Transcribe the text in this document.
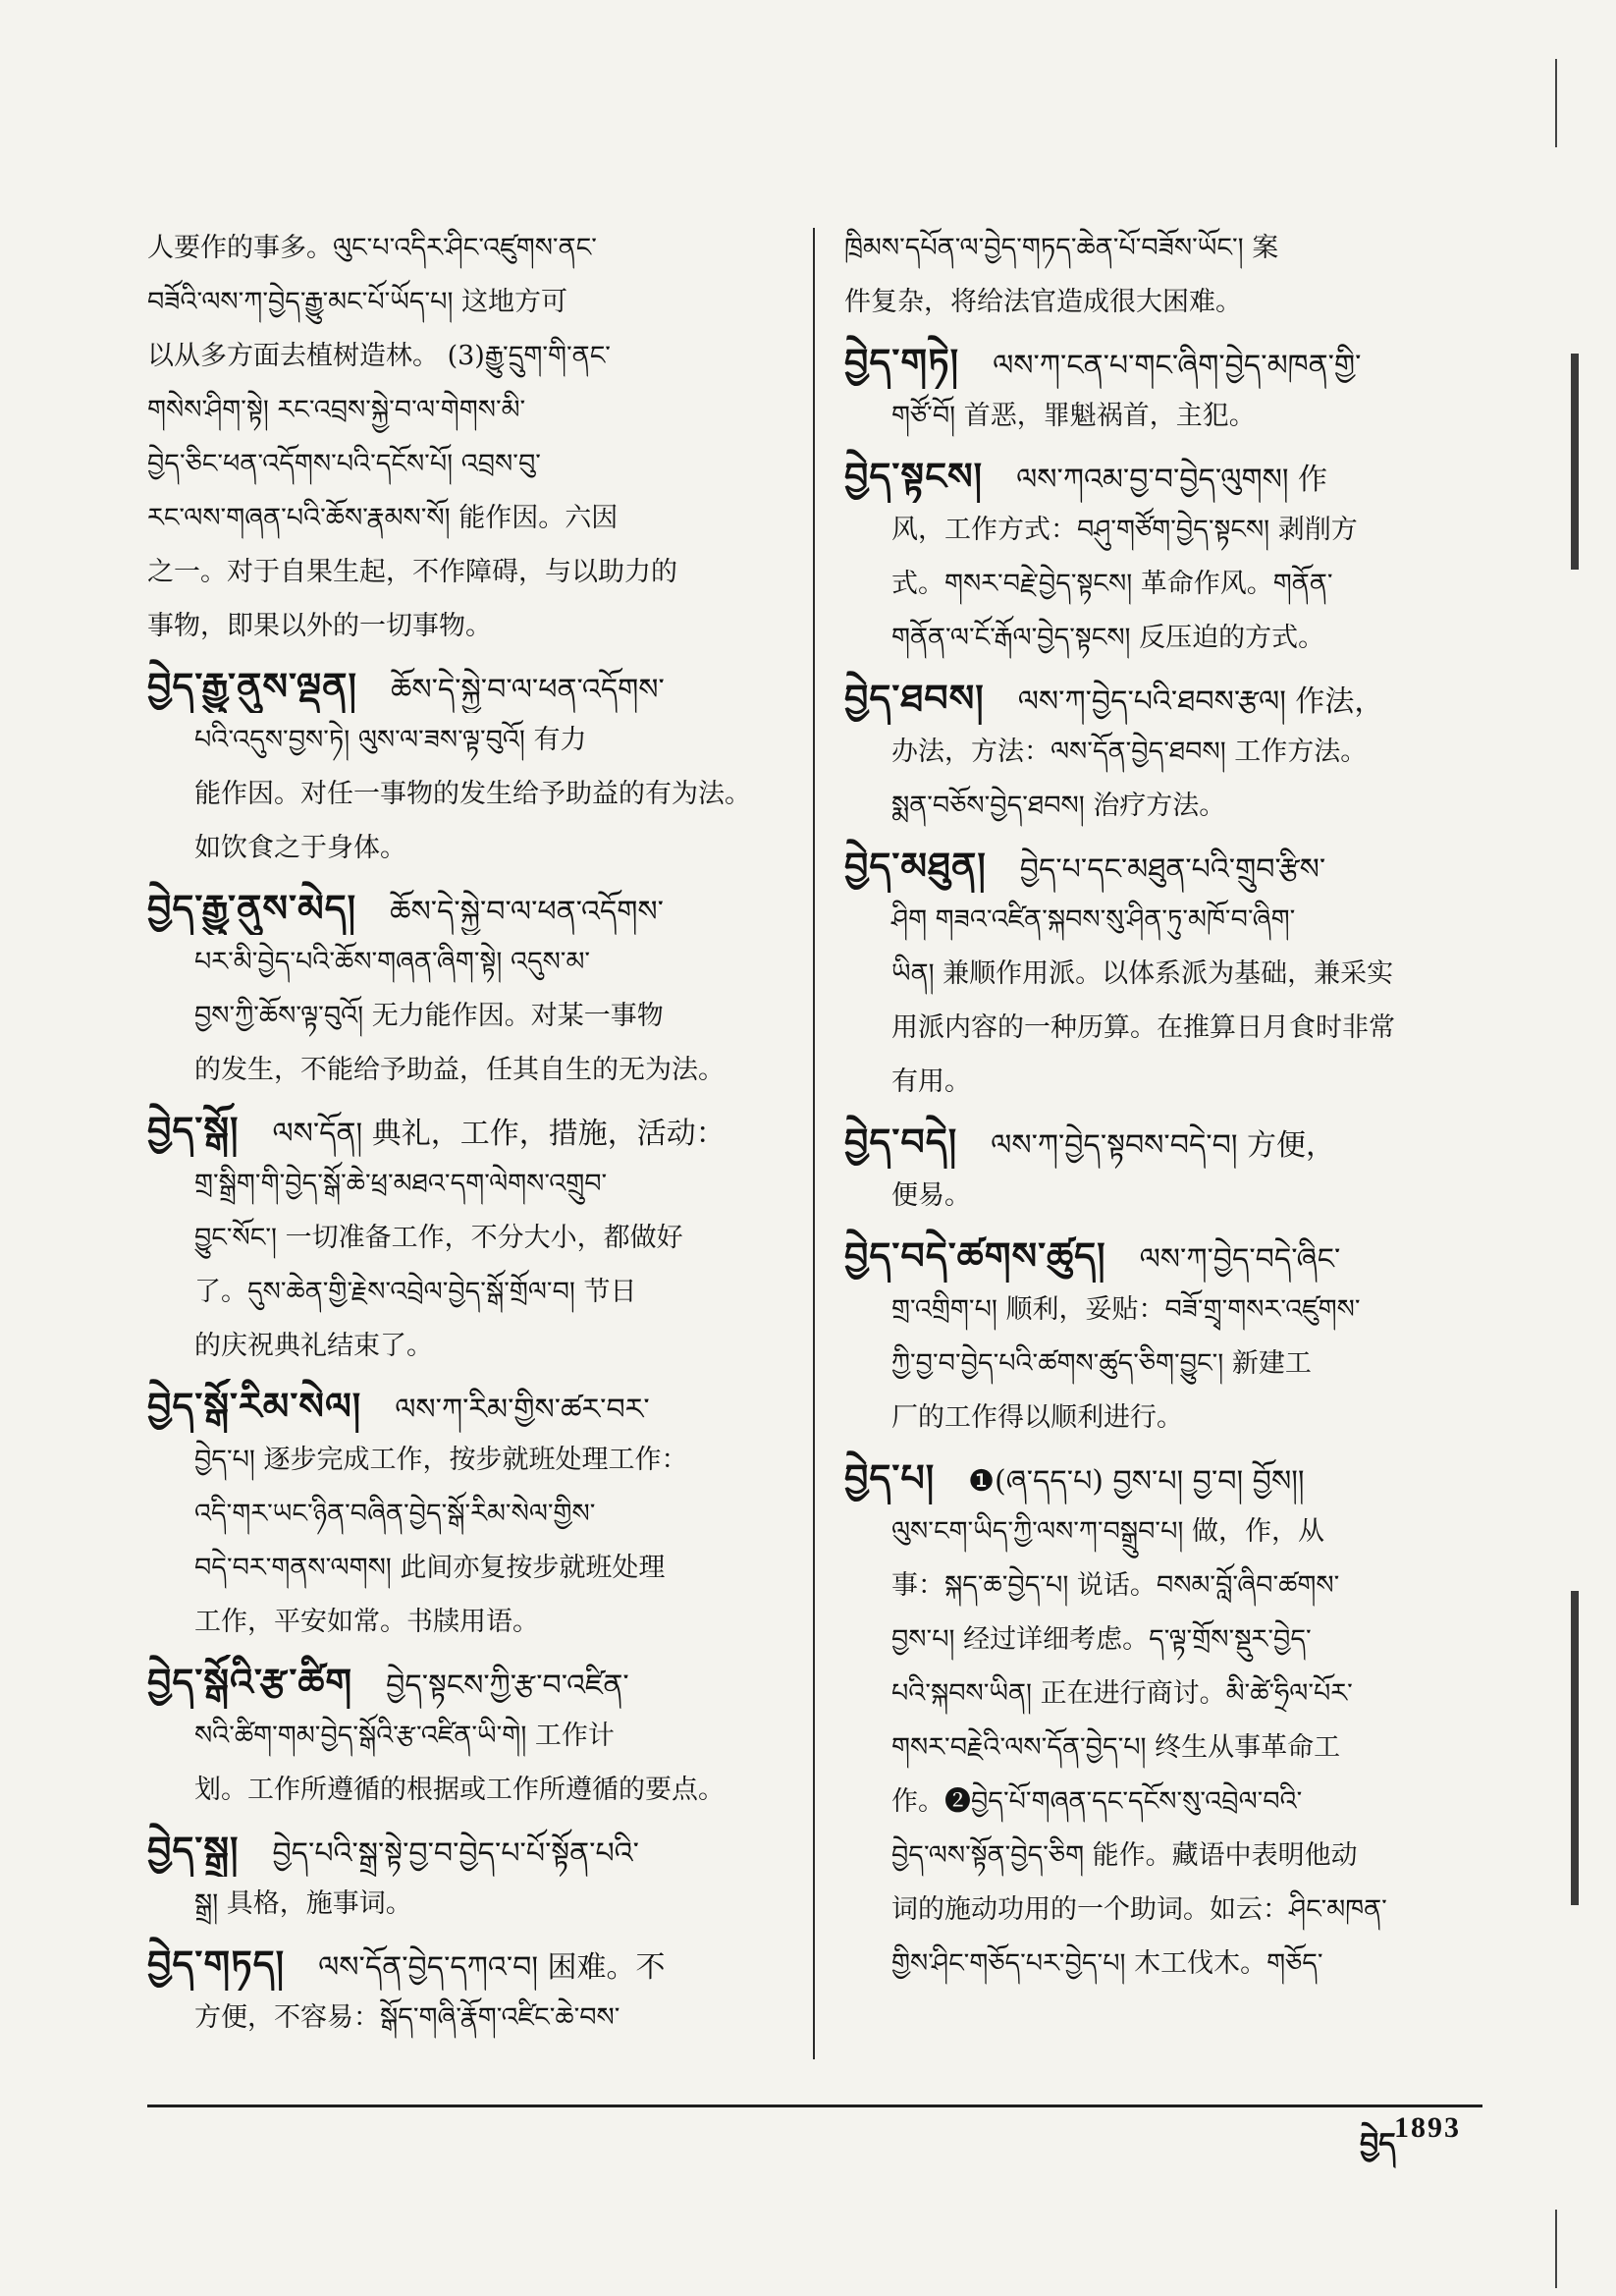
人要作的事多。ལུང་པ་འདིར་ཤིང་འཛུགས་ནང་
བཟོའི་ལས་ཀ་བྱེད་རྒྱུ་མང་པོ་ཡོད་པ། 这地方可
以从多方面去植树造林。 (3)རྒྱུ་དྲུག་གི་ནང་
གསེས་ཤིག་སྟེ། རང་འབྲས་སྐྱེ་བ་ལ་གེགས་མི་
བྱེད་ཅིང་ཕན་འདོགས་པའི་དངོས་པོ། འབྲས་བུ་
རང་ལས་གཞན་པའི་ཆོས་རྣམས་སོ། 能作因。六因
之一。对于自果生起，不作障碍，与以助力的
事物，即果以外的一切事物。
བྱེད་རྒྱུ་ནུས་ལྡན། ཆོས་དེ་སྐྱེ་བ་ལ་ཕན་འདོགས་
པའི་འདུས་བྱས་ཏེ། ལུས་ལ་ཟས་ལྟ་བུའོ། 有力
能作因。对任一事物的发生给予助益的有为法。
如饮食之于身体。
བྱེད་རྒྱུ་ནུས་མེད། ཆོས་དེ་སྐྱེ་བ་ལ་ཕན་འདོགས་
པར་མི་བྱེད་པའི་ཆོས་གཞན་ཞིག་སྟེ། འདུས་མ་
བྱས་ཀྱི་ཆོས་ལྟ་བུའོ། 无力能作因。对某一事物
的发生，不能给予助益，任其自生的无为法。
བྱེད་སྒོ། ལས་དོན། 典礼，工作，措施，活动：
གྲ་སྒྲིག་གི་བྱེད་སྒོ་ཆེ་ཕྲ་མཐའ་དག་ལེགས་འགྲུབ་
བྱུང་སོང་། 一切准备工作，不分大小，都做好
了。དུས་ཆེན་གྱི་རྗེས་འབྲེལ་བྱེད་སྒོ་གྲོལ་བ། 节日
的庆祝典礼结束了。
བྱེད་སྒོ་རིམ་སེལ། ལས་ཀ་རིམ་གྱིས་ཚར་བར་
བྱེད་པ། 逐步完成工作，按步就班处理工作：
འདི་གར་ཡང་ཉིན་བཞིན་བྱེད་སྒོ་རིམ་སེལ་གྱིས་
བདེ་བར་གནས་ལགས། 此间亦复按步就班处理
工作，平安如常。书牍用语。
བྱེད་སྒོའི་རྩ་ཚིག བྱེད་སྟངས་ཀྱི་རྩ་བ་འཛིན་
སའི་ཚིག་གམ་བྱེད་སྒོའི་རྩ་འཛིན་ཡི་གེ། 工作计
划。工作所遵循的根据或工作所遵循的要点。
བྱེད་སྒྲ། བྱེད་པའི་སྒྲ་སྟེ་བྱ་བ་བྱེད་པ་པོ་སྟོན་པའི་
སྒྲ། 具格，施事词。
བྱེད་གཏད། ལས་དོན་བྱེད་དཀའ་བ། 困难。不
方便，不容易：སྒོད་གཞི་རྣོག་འཛིང་ཆེ་བས་
ཁྲིམས་དཔོན་ལ་བྱེད་གཏད་ཆེན་པོ་བཟོས་ཡོང་། 案
件复杂，将给法官造成很大困难。
བྱེད་གཏེ། ལས་ཀ་ངན་པ་གང་ཞིག་བྱེད་མཁན་གྱི་
གཙོ་བོ། 首恶，罪魁祸首，主犯。
བྱེད་སྟངས། ལས་ཀའམ་བྱ་བ་བྱེད་ལུགས། 作
风，工作方式：བཤུ་གཙོག་བྱེད་སྟངས། 剥削方
式。གསར་བརྗེ་བྱེད་སྟངས། 革命作风。གནོན་
གནོན་ལ་ངོ་རྒོལ་བྱེད་སྟངས། 反压迫的方式。
བྱེད་ཐབས། ལས་ཀ་བྱེད་པའི་ཐབས་རྩལ། 作法，
办法，方法：ལས་དོན་བྱེད་ཐབས། 工作方法。
སྨན་བཅོས་བྱེད་ཐབས། 治疗方法。
བྱེད་མཐུན། བྱེད་པ་དང་མཐུན་པའི་གྲུབ་རྩིས་
ཤིག གཟའ་འཛིན་སྐབས་སུ་ཤིན་ཏུ་མཁོ་བ་ཞིག་
ཡིན། 兼顺作用派。以体系派为基础，兼采实
用派内容的一种历算。在推算日月食时非常
有用。
བྱེད་བདེ། ལས་ཀ་བྱེད་སྟབས་བདེ་བ། 方便，
便易。
བྱེད་བདེ་ཚགས་ཚུད། ལས་ཀ་བྱེད་བདེ་ཞིང་
གྲ་འགྲིག་པ། 顺利，妥贴：བཟོ་གྲྭ་གསར་འཛུགས་
ཀྱི་བྱ་བ་བྱེད་པའི་ཚགས་ཚུད་ཅིག་བྱུང་། 新建工
厂的工作得以顺利进行。
བྱེད་པ། ❶(ཞ་དད་པ) བྱས་པ། བྱ་བ། བྱོས།།
ལུས་ངག་ཡིད་ཀྱི་ལས་ཀ་བསྒྲུབ་པ། 做，作，从
事：སྐད་ཆ་བྱེད་པ། 说话。བསམ་བློ་ཞིབ་ཚགས་
བྱས་པ། 经过详细考虑。ད་ལྟ་གྲོས་སྡུར་བྱེད་
པའི་སྐབས་ཡིན། 正在进行商讨。མི་ཚེ་ཧྲིལ་པོར་
གསར་བརྗེའི་ལས་དོན་བྱེད་པ། 终生从事革命工
作。❷བྱེད་པོ་གཞན་དང་དངོས་སུ་འབྲེལ་བའི་
བྱེད་ལས་སྟོན་བྱེད་ཅིག 能作。藏语中表明他动
词的施动功用的一个助词。如云：ཤིང་མཁན་
གྱིས་ཤིང་གཅོད་པར་བྱེད་པ། 木工伐木。གཅོད་
བྱེད
1893
